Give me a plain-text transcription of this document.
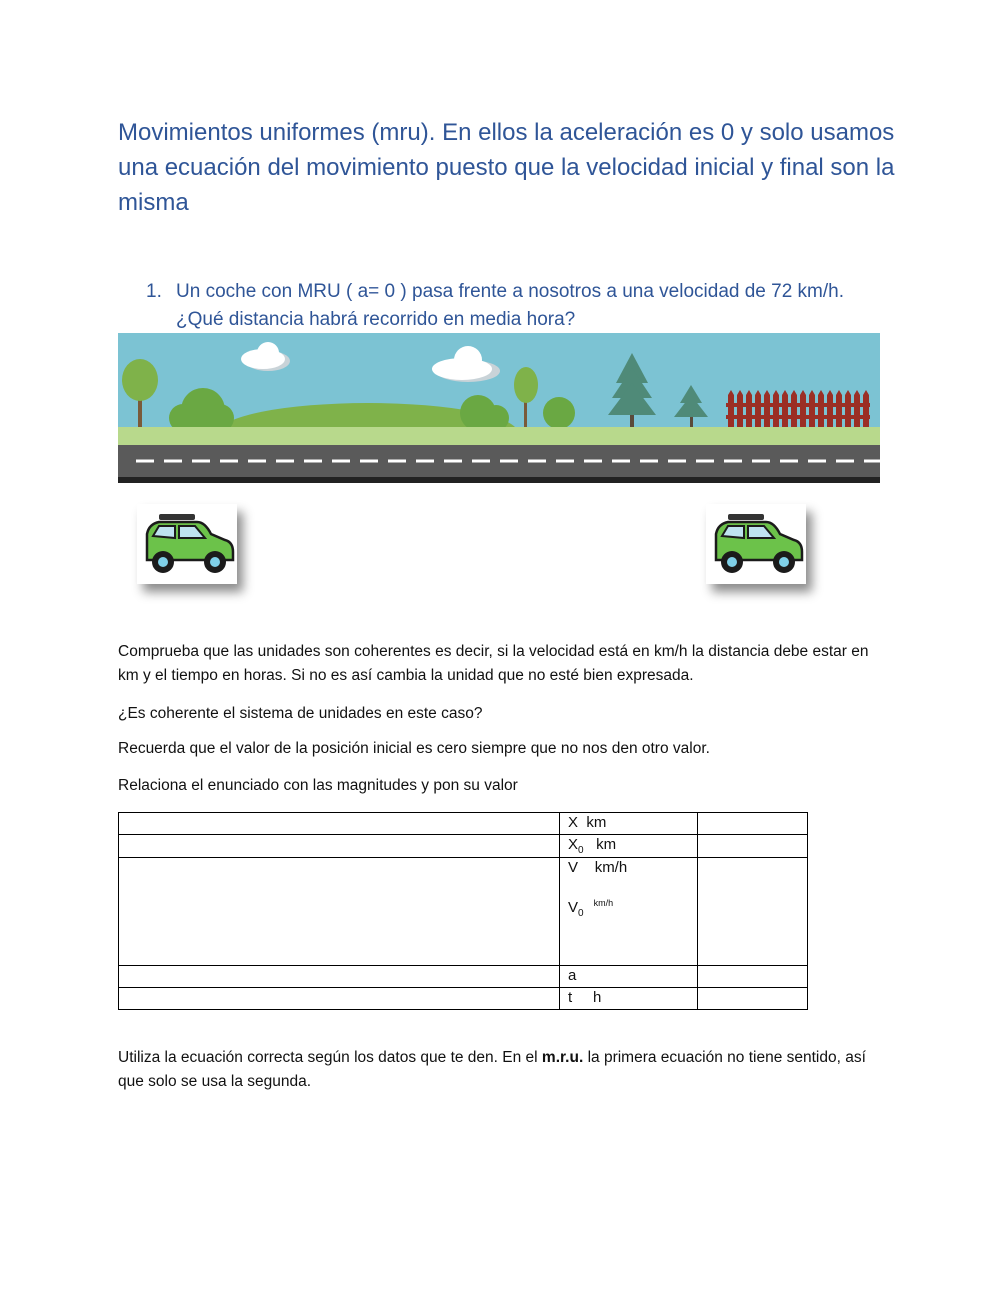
Movimientos uniformes (mru). En ellos la aceleración es 0 y solo usamos una ecuación del movimiento puesto que la velocidad inicial y final son la misma
1. Un coche con MRU ( a= 0 ) pasa frente a nosotros a una velocidad de 72 km/h. ¿Qué distancia habrá recorrido en media hora?

Comprueba que las unidades son coherentes es decir, si la velocidad está en km/h la distancia debe estar en km y el tiempo en horas. Si no es así cambia la unidad que no esté bien expresada.

¿Es coherente el sistema de unidades en este caso?

Recuerda que el valor de la posición inicial es cero siempre que no nos den otro valor.

Relaciona el enunciado con las magnitudes y pon su valor

	X km	
	$X_0$ km	

	V km/h
$V_0^{km/h}$

	a	
	t h	

Utiliza la ecuación correcta según los datos que te den. En el m.r.u. la primera ecuación no tiene sentido, así que solo se usa la segunda.
